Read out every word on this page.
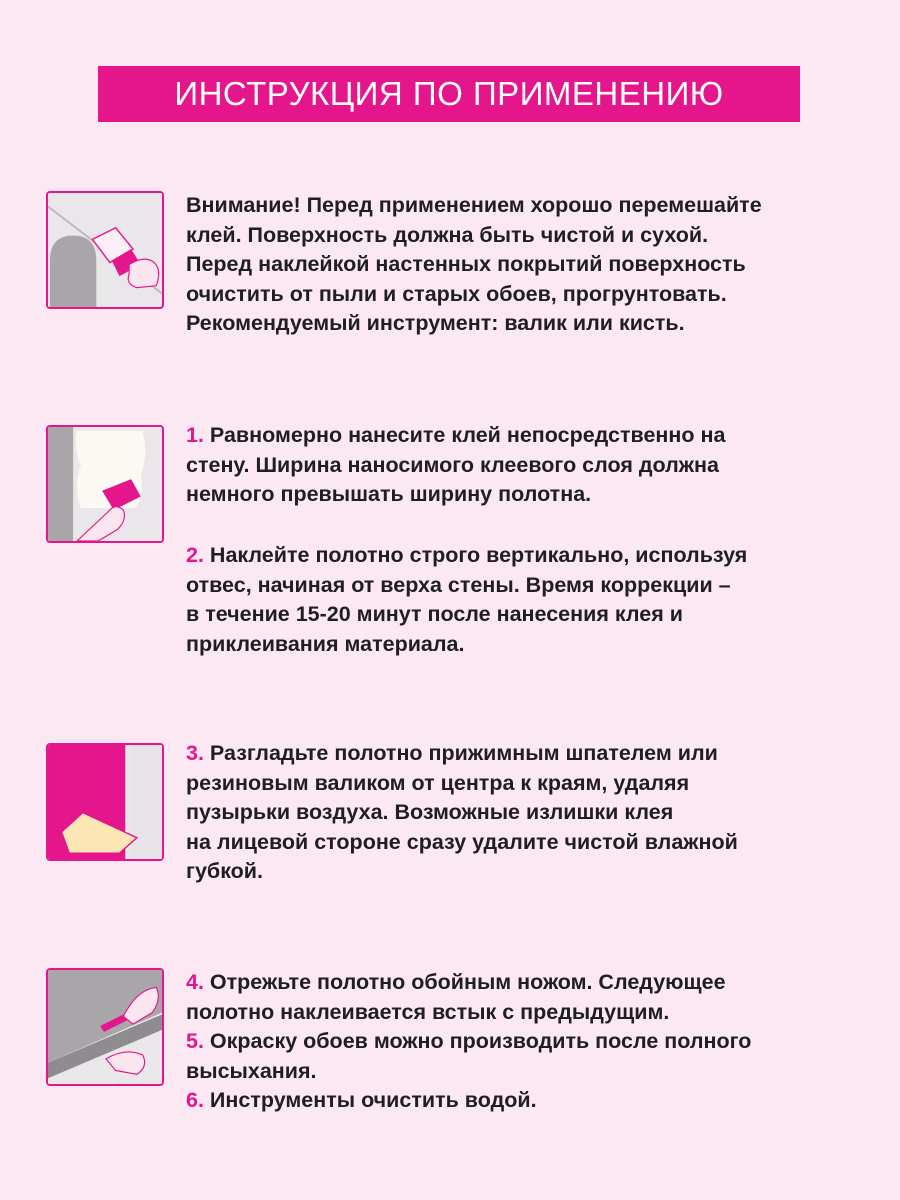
ИНСТРУКЦИЯ ПО ПРИМЕНЕНИЮ
Внимание! Перед применением хорошо перемешайте
клей. Поверхность должна быть чистой и сухой.
Перед наклейкой настенных покрытий поверхность
очистить от пыли и старых обоев, прогрунтовать.
Рекомендуемый инструмент: валик или кисть.
1. Равномерно нанесите клей непосредственно на
стену. Ширина наносимого клеевого слоя должна
немного превышать ширину полотна.
2. Наклейте полотно строго вертикально, используя
отвес, начиная от верха стены. Время коррекции –
в течение 15-20 минут после нанесения клея и
приклеивания материала.
3. Разгладьте полотно прижимным шпателем или
резиновым валиком от центра к краям, удаляя
пузырьки воздуха. Возможные излишки клея
на лицевой стороне сразу удалите чистой влажной
губкой.
4. Отрежьте полотно обойным ножом. Следующее
полотно наклеивается встык с предыдущим.
5. Окраску обоев можно производить после полного
высыхания.
6. Инструменты очистить водой.
